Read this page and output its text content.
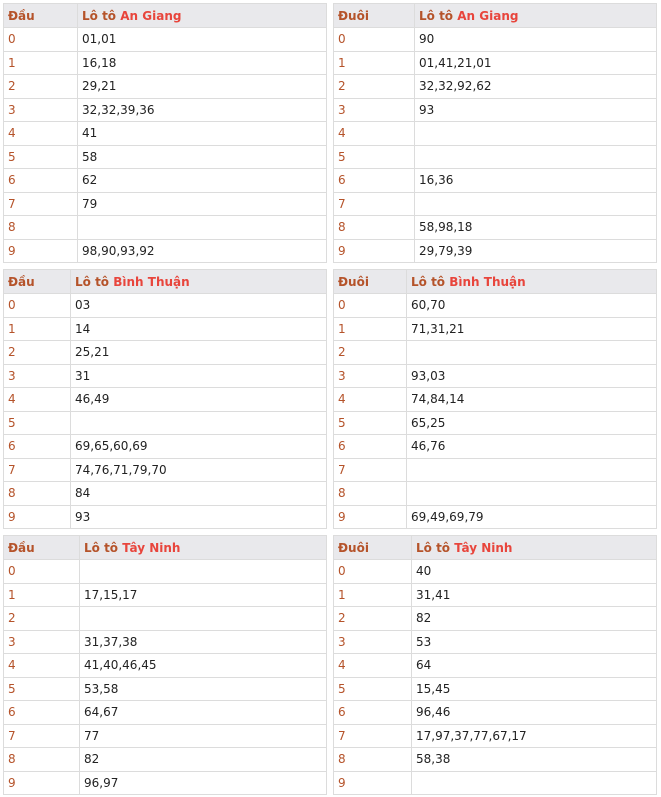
Đầu	Lô tô An Giang
0	01,01
1	16,18
2	29,21
3	32,32,39,36
4	41
5	58
6	62
7	79
8	
9	98,90,93,92
Đuôi	Lô tô An Giang
0	90
1	01,41,21,01
2	32,32,92,62
3	93
4	
5	
6	16,36
7	
8	58,98,18
9	29,79,39
Đầu	Lô tô Bình Thuận
0	03
1	14
2	25,21
3	31
4	46,49
5	
6	69,65,60,69
7	74,76,71,79,70
8	84
9	93
Đuôi	Lô tô Bình Thuận
0	60,70
1	71,31,21
2	
3	93,03
4	74,84,14
5	65,25
6	46,76
7	
8	
9	69,49,69,79
Đầu	Lô tô Tây Ninh
0	
1	17,15,17
2	
3	31,37,38
4	41,40,46,45
5	53,58
6	64,67
7	77
8	82
9	96,97
Đuôi	Lô tô Tây Ninh
0	40
1	31,41
2	82
3	53
4	64
5	15,45
6	96,46
7	17,97,37,77,67,17
8	58,38
9	
